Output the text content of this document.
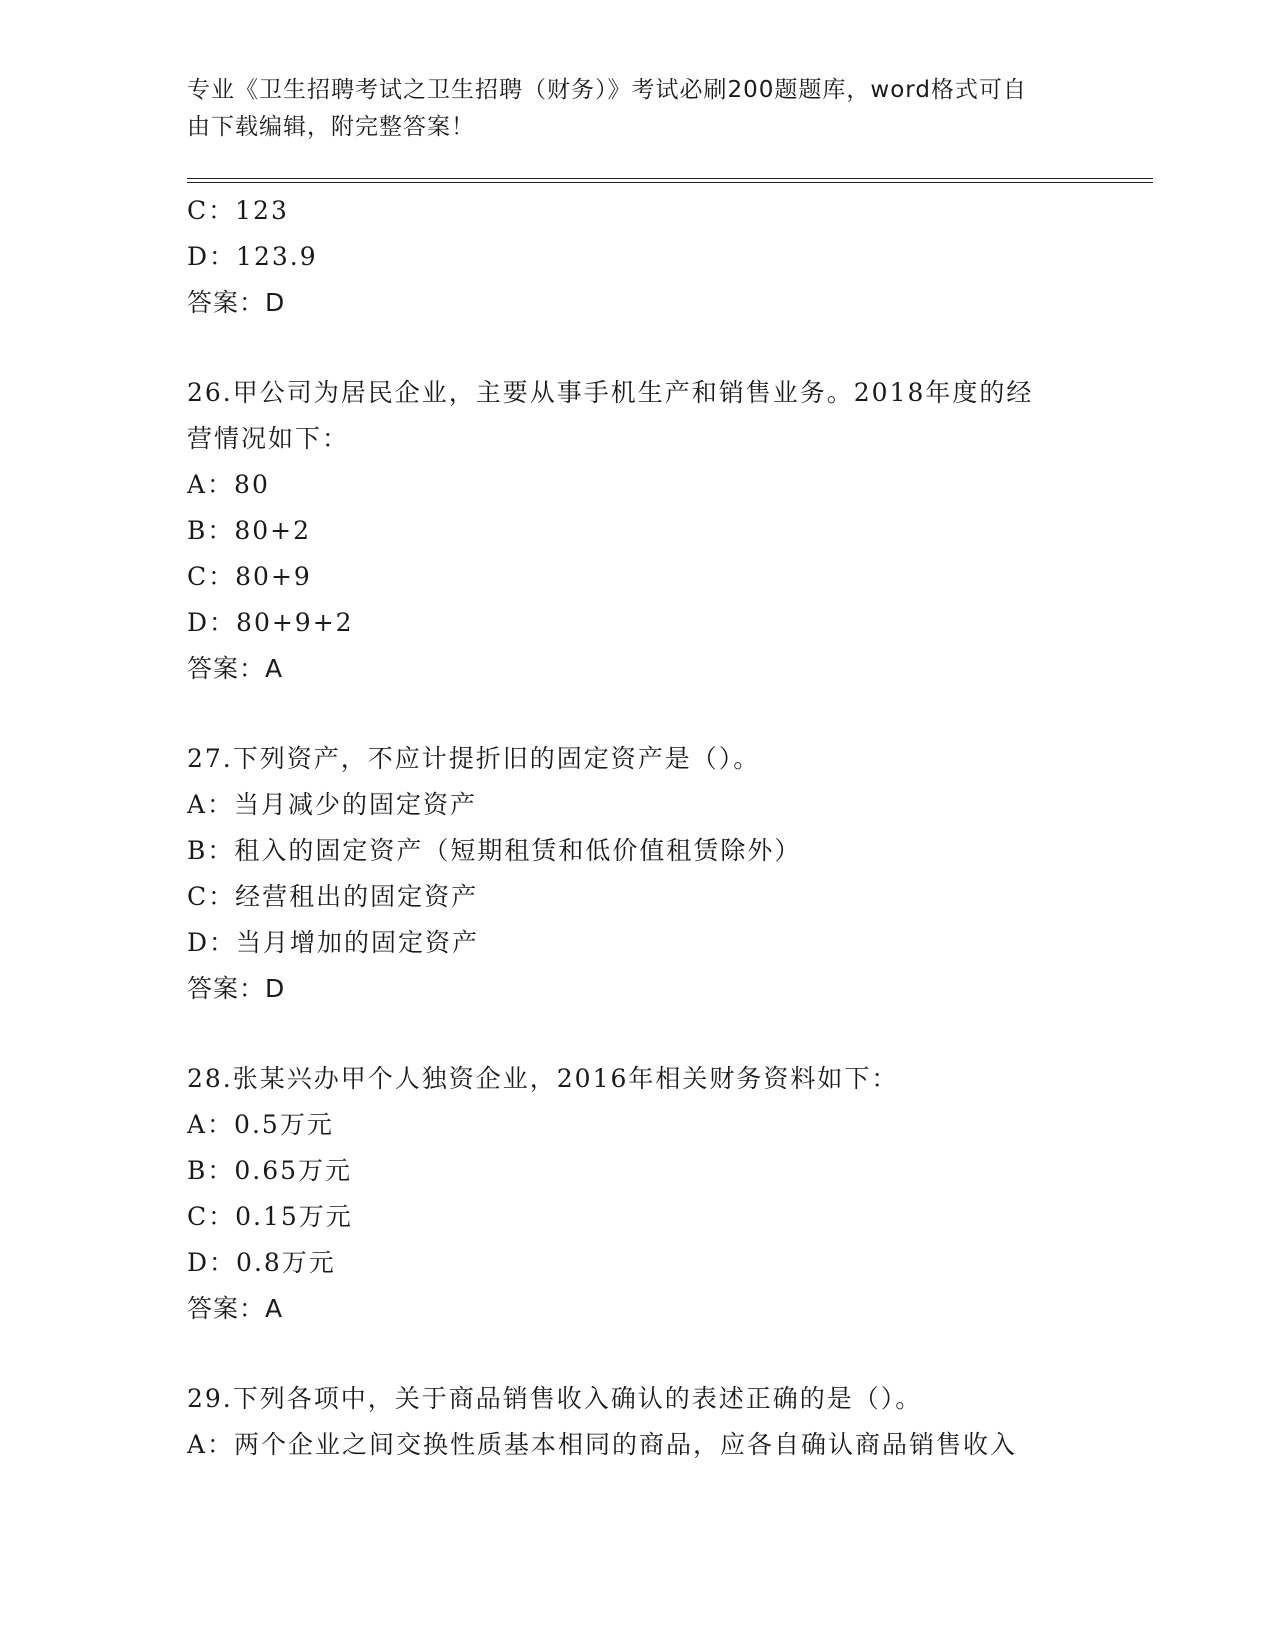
专业《卫生招聘考试之卫生招聘（财务）》考试必刷200题题库，word格式可自
由下载编辑，附完整答案！
C：123
D：123.9
答案：D
26.甲公司为居民企业，主要从事手机生产和销售业务。2018年度的经
营情况如下：
A：80
B：80+2
C：80+9
D：80+9+2
答案：A
27.下列资产，不应计提折旧的固定资产是（）。
A：当月减少的固定资产
B：租入的固定资产（短期租赁和低价值租赁除外）
C：经营租出的固定资产
D：当月增加的固定资产
答案：D
28.张某兴办甲个人独资企业，2016年相关财务资料如下：
A：0.5万元
B：0.65万元
C：0.15万元
D：0.8万元
答案：A
29.下列各项中，关于商品销售收入确认的表述正确的是（）。
A：两个企业之间交换性质基本相同的商品，应各自确认商品销售收入
